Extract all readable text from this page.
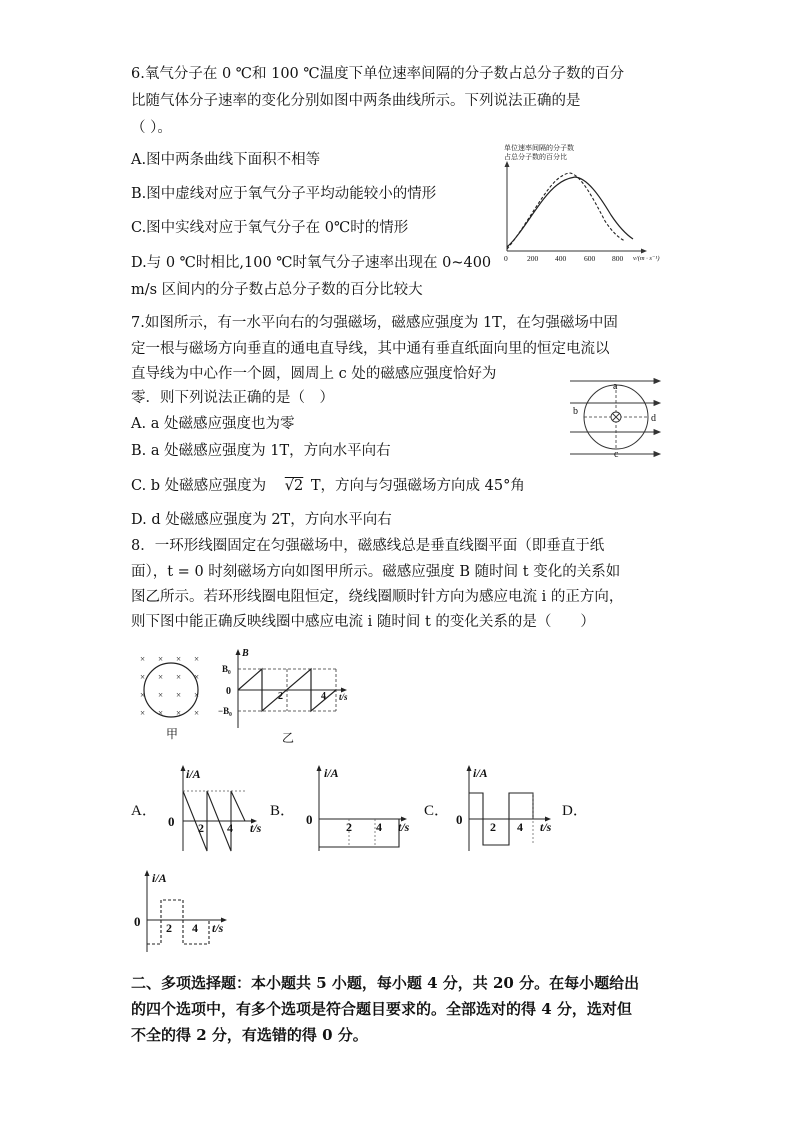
6.氧气分子在 0 ℃和 100 ℃温度下单位速率间隔的分子数占总分子数的百分
比随气体分子速率的变化分别如图中两条曲线所示。下列说法正确的是
（ ）。
A.图中两条曲线下面积不相等
B.图中虚线对应于氧气分子平均动能较小的情形
C.图中实线对应于氧气分子在 0℃时的情形
D.与 0 ℃时相比,100 ℃时氧气分子速率出现在 0~400
m/s 区间内的分子数占总分子数的百分比较大
单位速率间隔的分子数
占总分子数的百分比
0	200 400 600 800 v/(m · s⁻¹)
7.如图所示，有一水平向右的匀强磁场，磁感应强度为 1T，在匀强磁场中固
定一根与磁场方向垂直的通电直导线，其中通有垂直纸面向里的恒定电流以
直导线为中心作一个圆，圆周上 c 处的磁感应强度恰好为
零．则下列说法正确的是（　）
A. a 处磁感应强度也为零
B. a 处磁感应强度为 1T，方向水平向右
C. b 处磁感应强度为 √2 T，方向与匀强磁场方向成 45°角
D. d 处磁感应强度为 2T，方向水平向右
a
b
d
c
8．一环形线圈固定在匀强磁场中，磁感线总是垂直线圈平面（即垂直于纸
面），t = 0 时刻磁场方向如图甲所示。磁感应强度 B 随时间 t 变化的关系如
图乙所示。若环形线圈电阻恒定，绕线圈顺时针方向为感应电流 i 的正方向，
则下图中能正确反映线圈中感应电流 i 随时间 t 的变化关系的是（　　）
× × × ×
× × × ×
× × × ×
× × × ×
甲
B
B₀
0
−B₀
2	4 t/s
乙
A．	B．	C．	D．
i/A
0 2 4 t/s
i/A
0	2 4 t/s
i/A
0 2 4 t/s
i/A
0 2 4 t/s
二、多项选择题：本小题共 5 小题，每小题 4 分，共 20 分。在每小题给出
的四个选项中，有多个选项是符合题目要求的。全部选对的得 4 分，选对但
不全的得 2 分，有选错的得 0 分。
